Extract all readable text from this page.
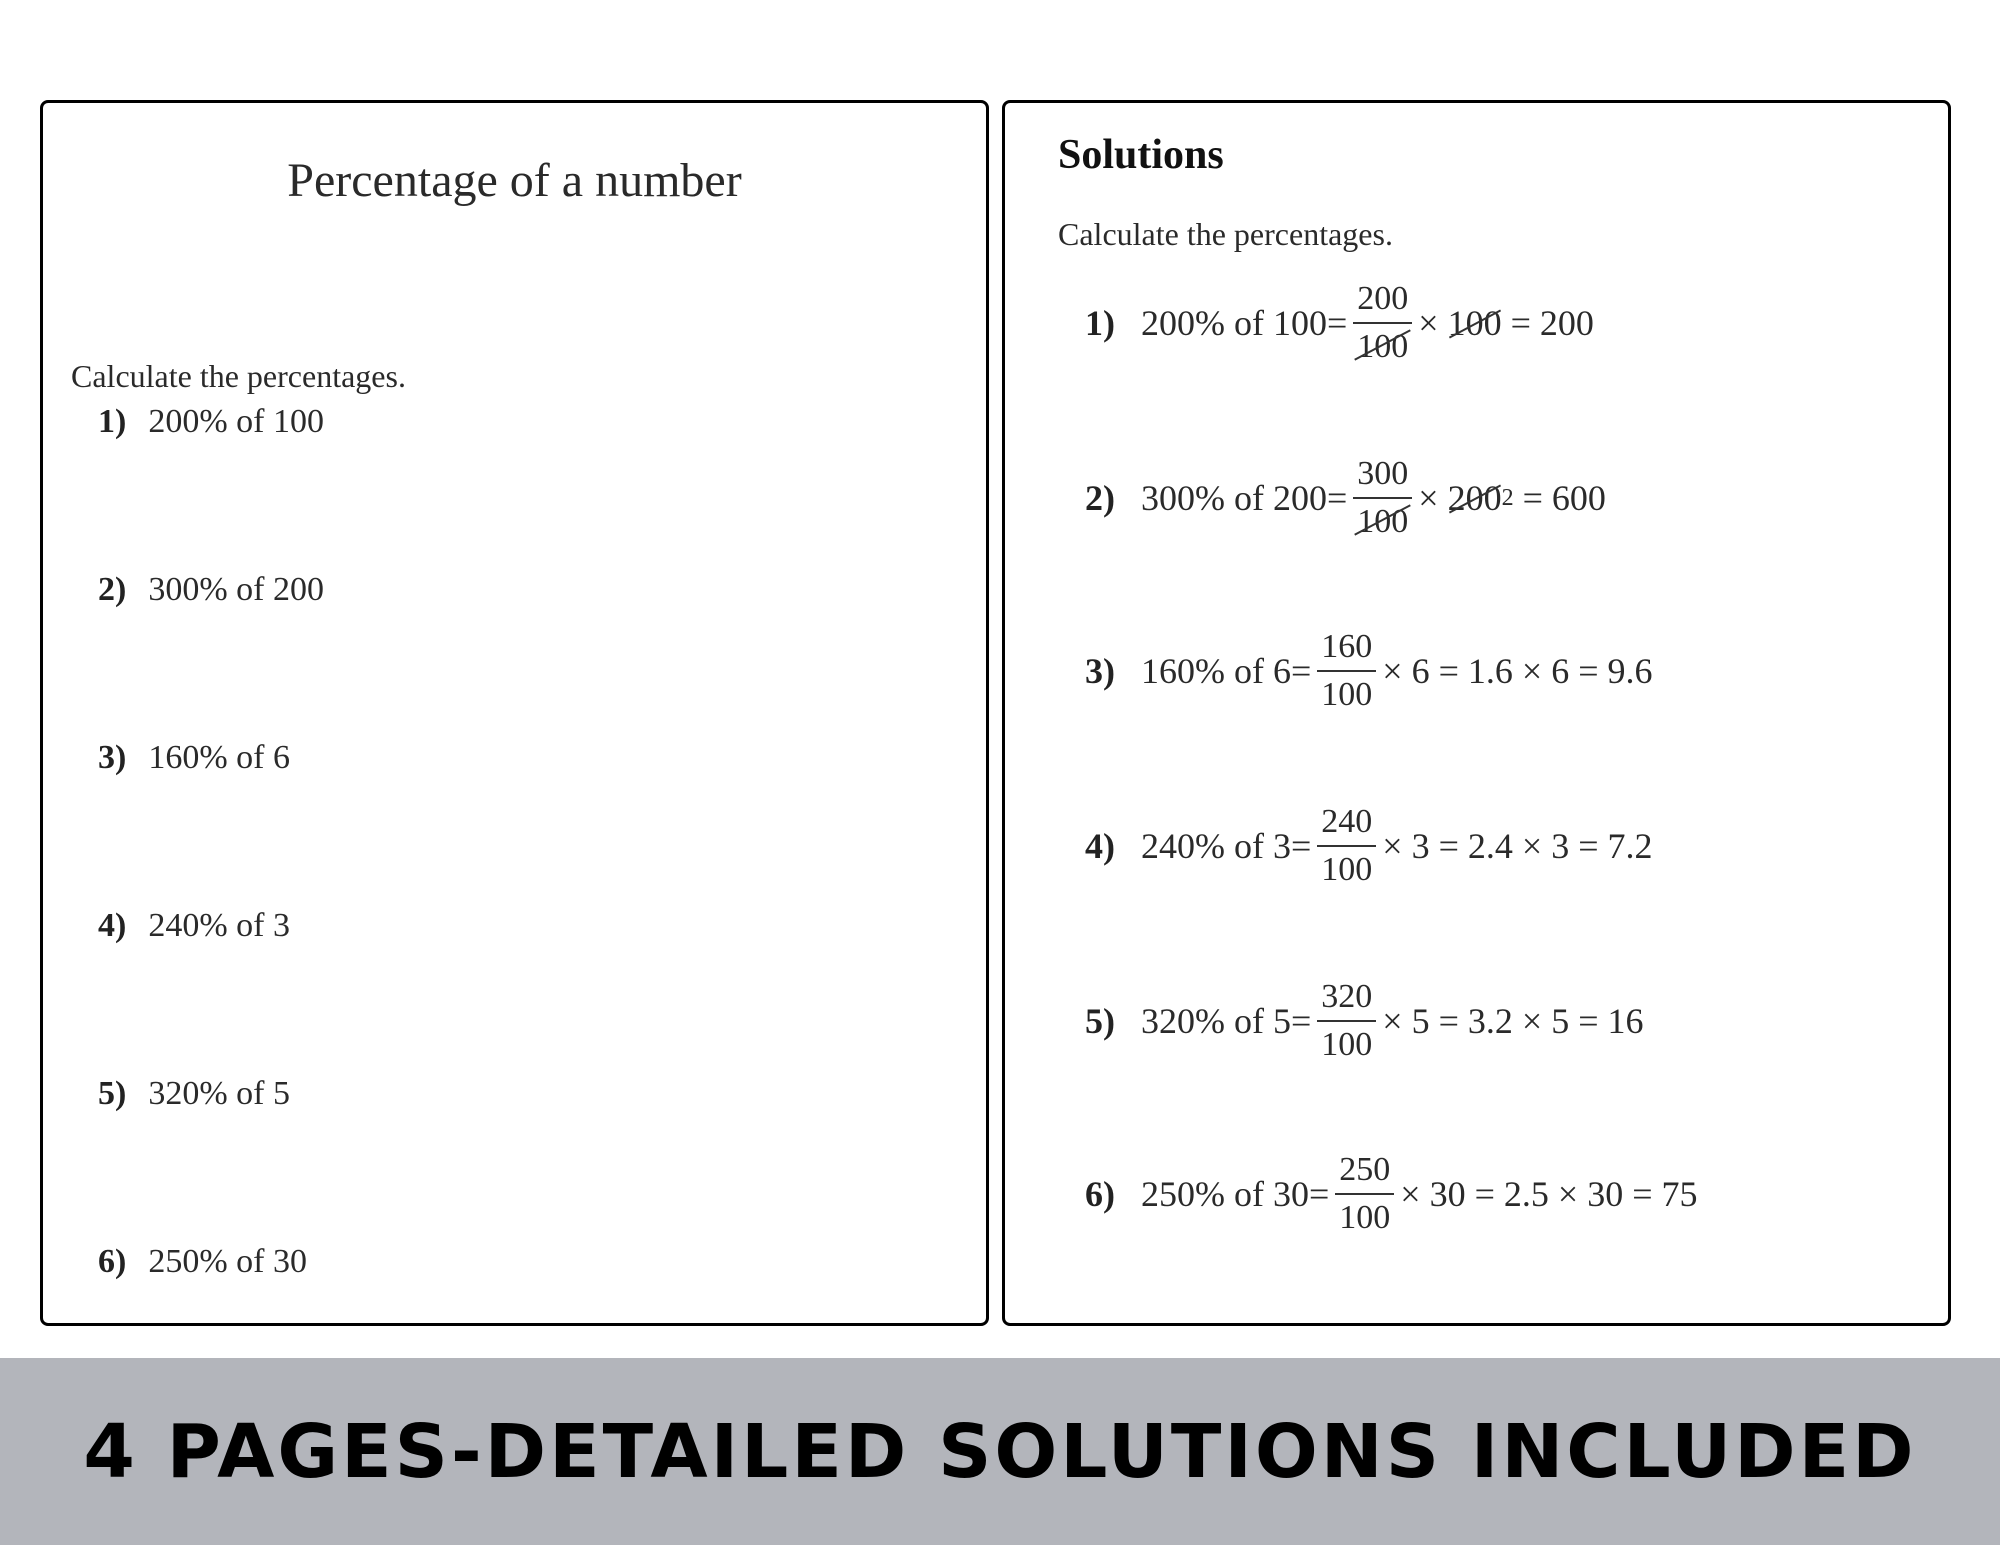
Percentage of a number
Calculate the percentages.
1) 200% of 100
2) 300% of 200
3) 160% of 6
4) 240% of 3
5) 320% of 5
6) 250% of 30
Solutions
Calculate the percentages.
1) 200% of $100= \frac{200}{100}$ ×
100
= 200
2) 300% of $200= \frac{300}{100}$ ×
200 2
= 600
3) 160% of $6= \frac{160}{100}$ ×
6
= 1.6 × 6 = 9.6
4) 240% of $3= \frac{240}{100}$ ×
3
= 2.4 × 3 = 7.2
5) 320% of $5= \frac{320}{100}$ ×
5
= 3.2 × 5 = 16
6) 250% of $30= \frac{250}{100}$ ×
30
= 2.5 × 30 = 75
4 PAGES-DETAILED SOLUTIONS INCLUDED
